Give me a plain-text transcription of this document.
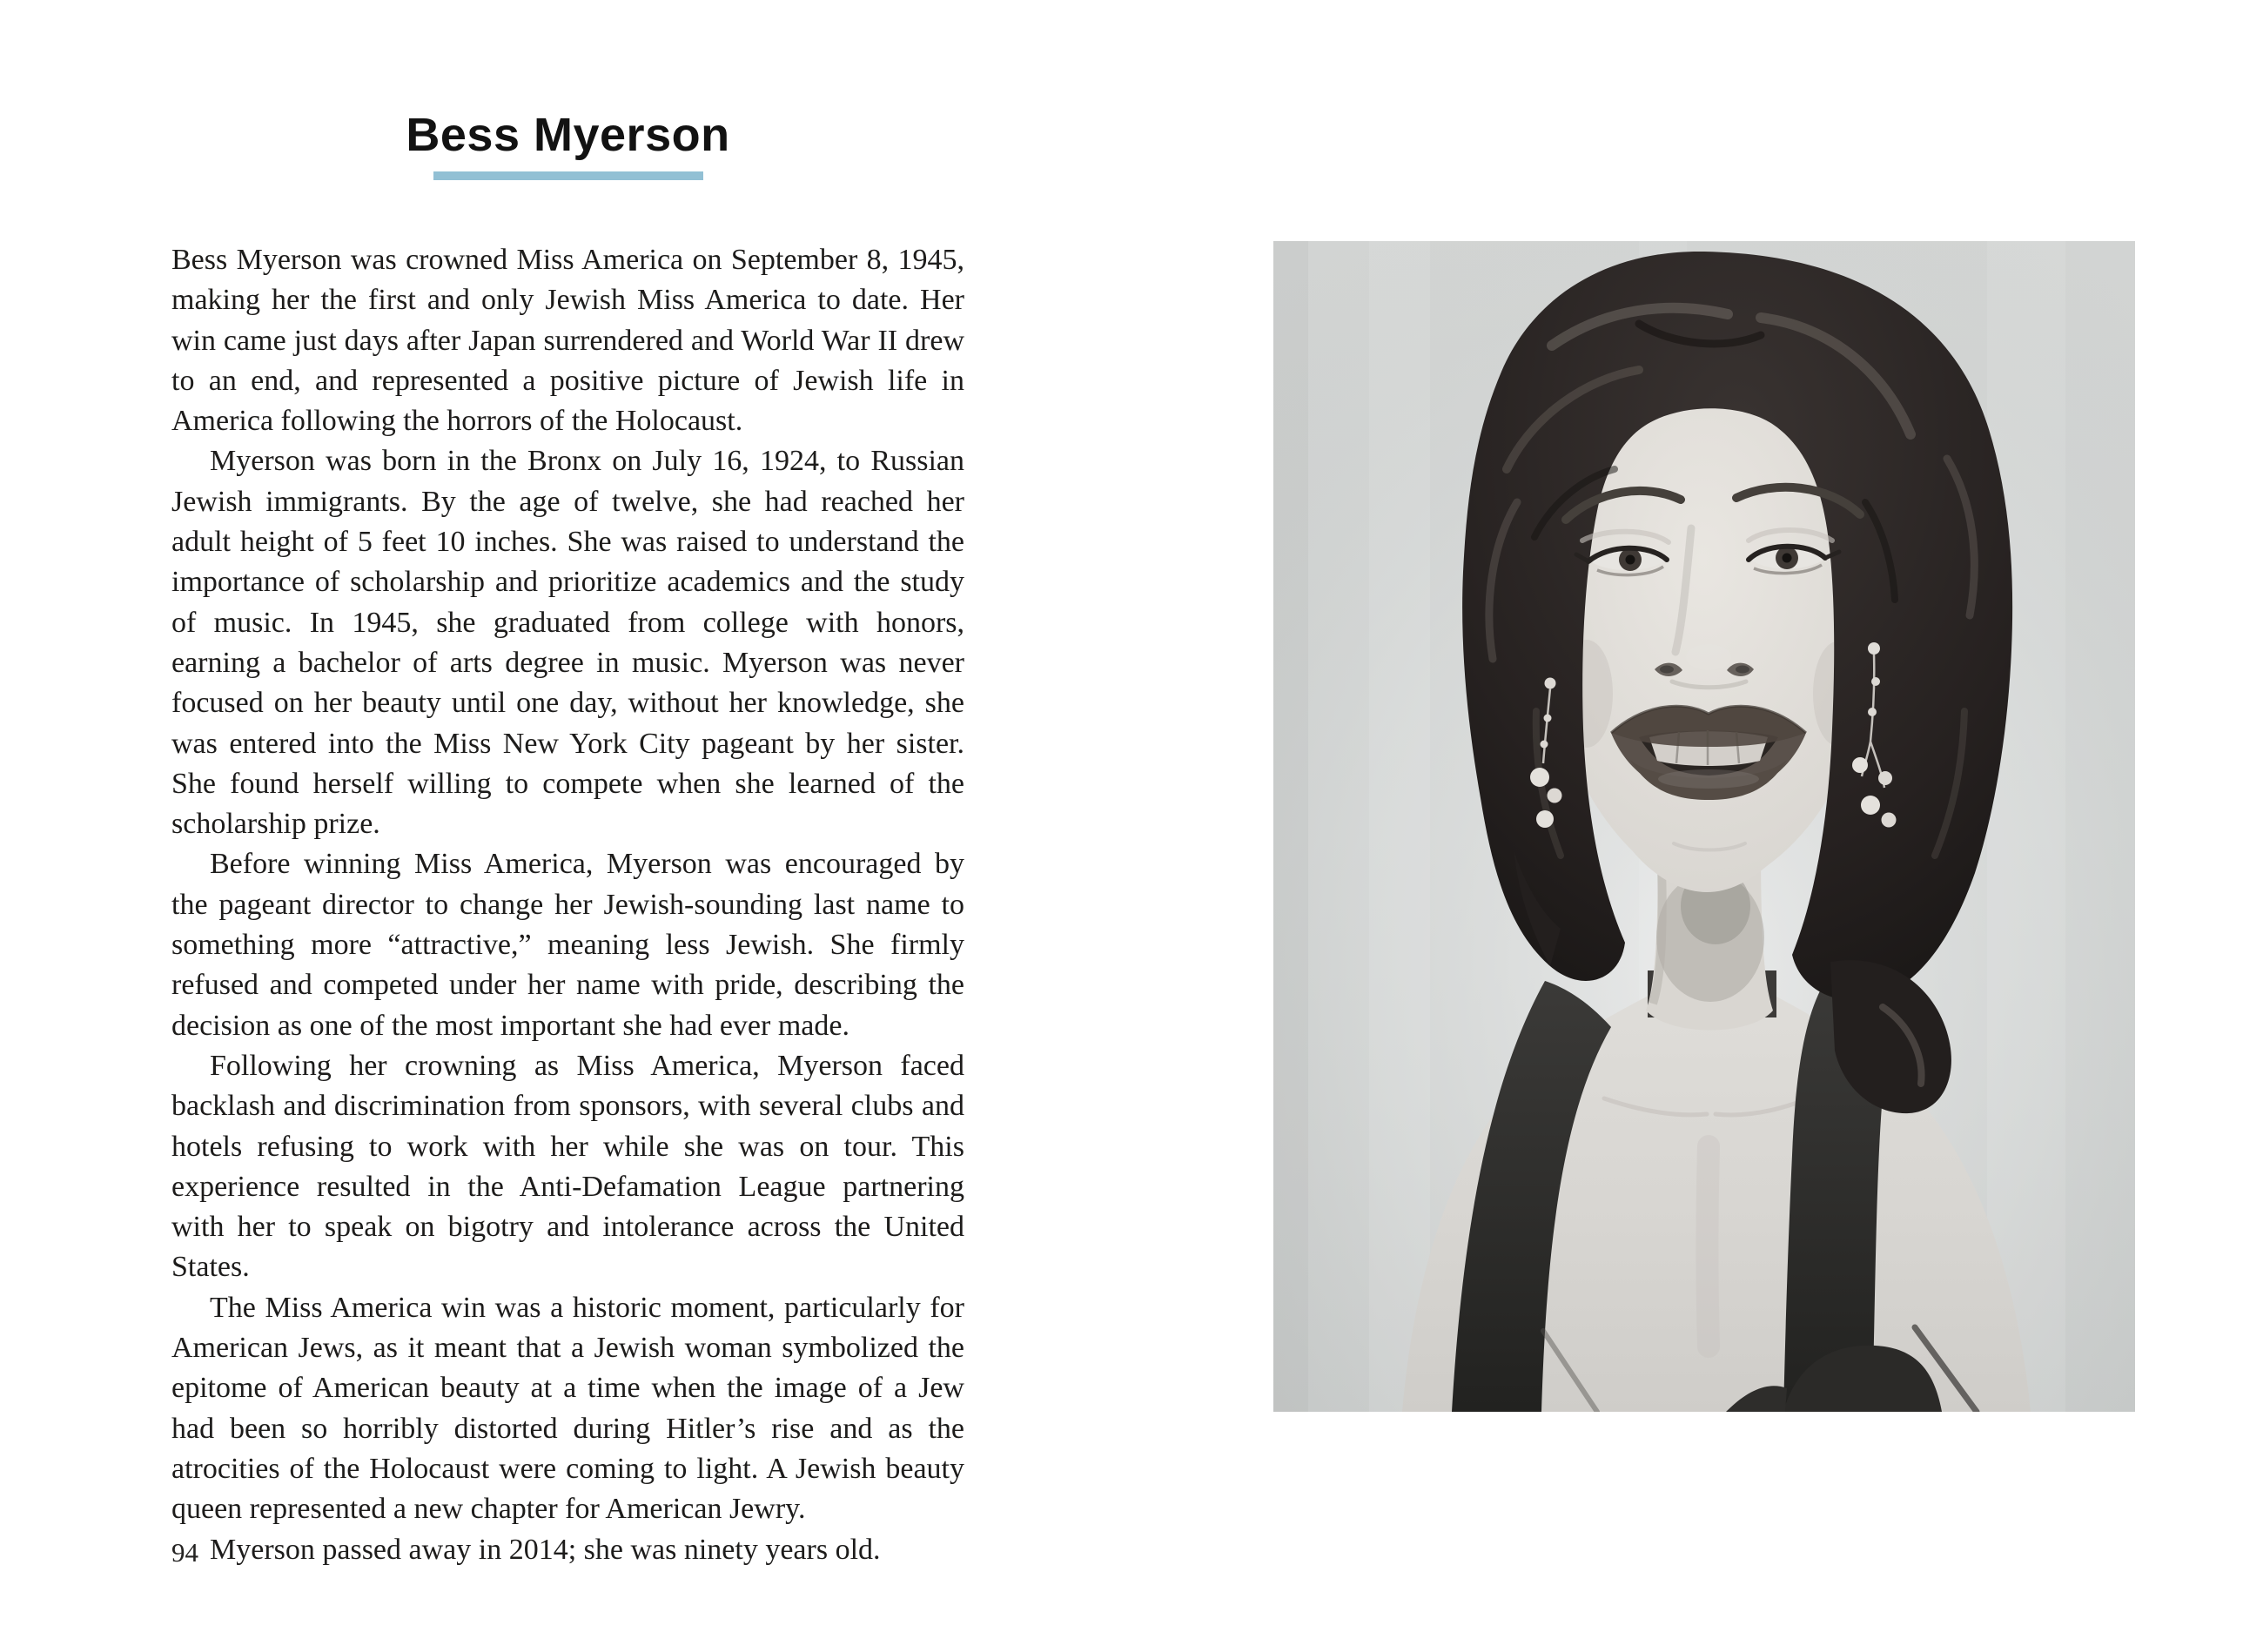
Bess Myerson

Bess Myerson was crowned Miss America on September 8, 1945, making her the first and only Jewish Miss America to date. Her win came just days after Japan surrendered and World War II drew to an end, and represented a positive picture of Jewish life in America following the horrors of the Holocaust.

Myerson was born in the Bronx on July 16, 1924, to Russian Jewish immigrants. By the age of twelve, she had reached her adult height of 5 feet 10 inches. She was raised to understand the importance of scholarship and prioritize academics and the study of music. In 1945, she graduated from college with honors, earning a bachelor of arts degree in music. Myerson was never focused on her beauty until one day, without her knowledge, she was entered into the Miss New York City pageant by her sister. She found herself willing to compete when she learned of the scholarship prize.

Before winning Miss America, Myerson was encouraged by the pageant director to change her Jewish-sounding last name to something more “attractive,” meaning less Jewish. She firmly refused and competed under her name with pride, describing the decision as one of the most important she had ever made.

Following her crowning as Miss America, Myerson faced backlash and discrimination from sponsors, with several clubs and hotels refusing to work with her while she was on tour. This experience resulted in the Anti-Defamation League partnering with her to speak on bigotry and intolerance across the United States.

The Miss America win was a historic moment, particularly for American Jews, as it meant that a Jewish woman symbolized the epitome of American beauty at a time when the image of a Jew had been so horribly distorted during Hitler’s rise and as the atrocities of the Holocaust were coming to light. A Jewish beauty queen represented a new chapter for American Jewry.

Myerson passed away in 2014; she was ninety years old.

94
